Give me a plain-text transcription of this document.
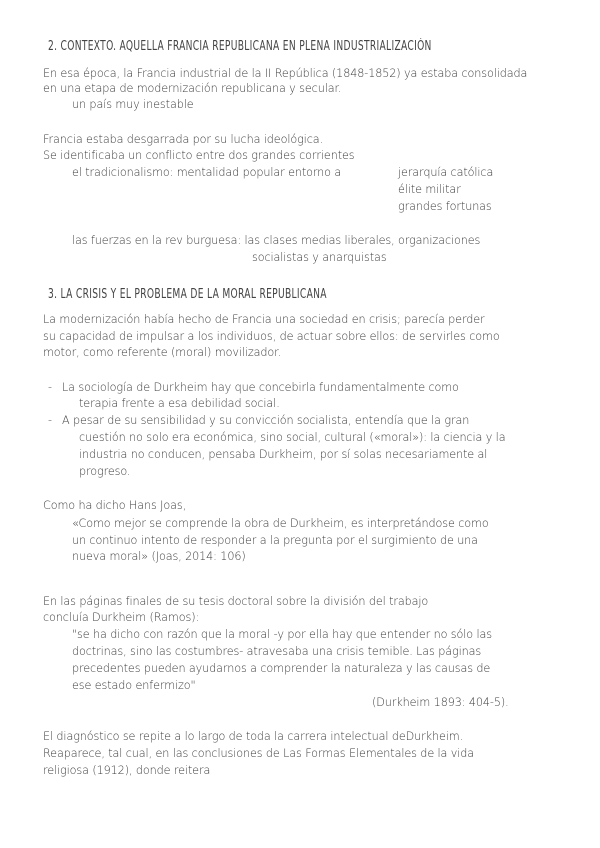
2. CONTEXTO. AQUELLA FRANCIA REPUBLICANA EN PLENA INDUSTRIALIZACIÓN
En esa época, la Francia industrial de la II República (1848-1852) ya estaba consolidada
en una etapa de modernización republicana y secular.
un país muy inestable
Francia estaba desgarrada por su lucha ideológica.
Se identificaba un conflicto entre dos grandes corrientes
el tradicionalismo: mentalidad popular entorno a	jerarquía católica
élite militar
grandes fortunas
las fuerzas en la rev burguesa: las clases medias liberales, organizaciones
socialistas y anarquistas
3. LA CRISIS Y EL PROBLEMA DE LA MORAL REPUBLICANA
La modernización había hecho de Francia una sociedad en crisis; parecía perder
su capacidad de impulsar a los individuos, de actuar sobre ellos: de servirles como
motor, como referente (moral) movilizador.
- La sociología de Durkheim hay que concebirla fundamentalmente como
terapia frente a esa debilidad social.
- A pesar de su sensibilidad y su convicción socialista, entendía que la gran
cuestión no solo era económica, sino social, cultural («moral»): la ciencia y la
industria no conducen, pensaba Durkheim, por sí solas necesariamente al
progreso.
Como ha dicho Hans Joas,
«Como mejor se comprende la obra de Durkheim, es interpretándose como
un continuo intento de responder a la pregunta por el surgimiento de una
nueva moral» (Joas, 2014: 106)
En las páginas finales de su tesis doctoral sobre la división del trabajo
concluía Durkheim (Ramos):
"se ha dicho con razón que la moral -y por ella hay que entender no sólo las
doctrinas, sino las costumbres- atravesaba una crisis temible. Las páginas
precedentes pueden ayudarnos a comprender la naturaleza y las causas de
ese estado enfermizo"
(Durkheim 1893: 404-5).
El diagnóstico se repite a lo largo de toda la carrera intelectual deDurkheim.
Reaparece, tal cual, en las conclusiones de Las Formas Elementales de la vida
religiosa (1912), donde reitera
